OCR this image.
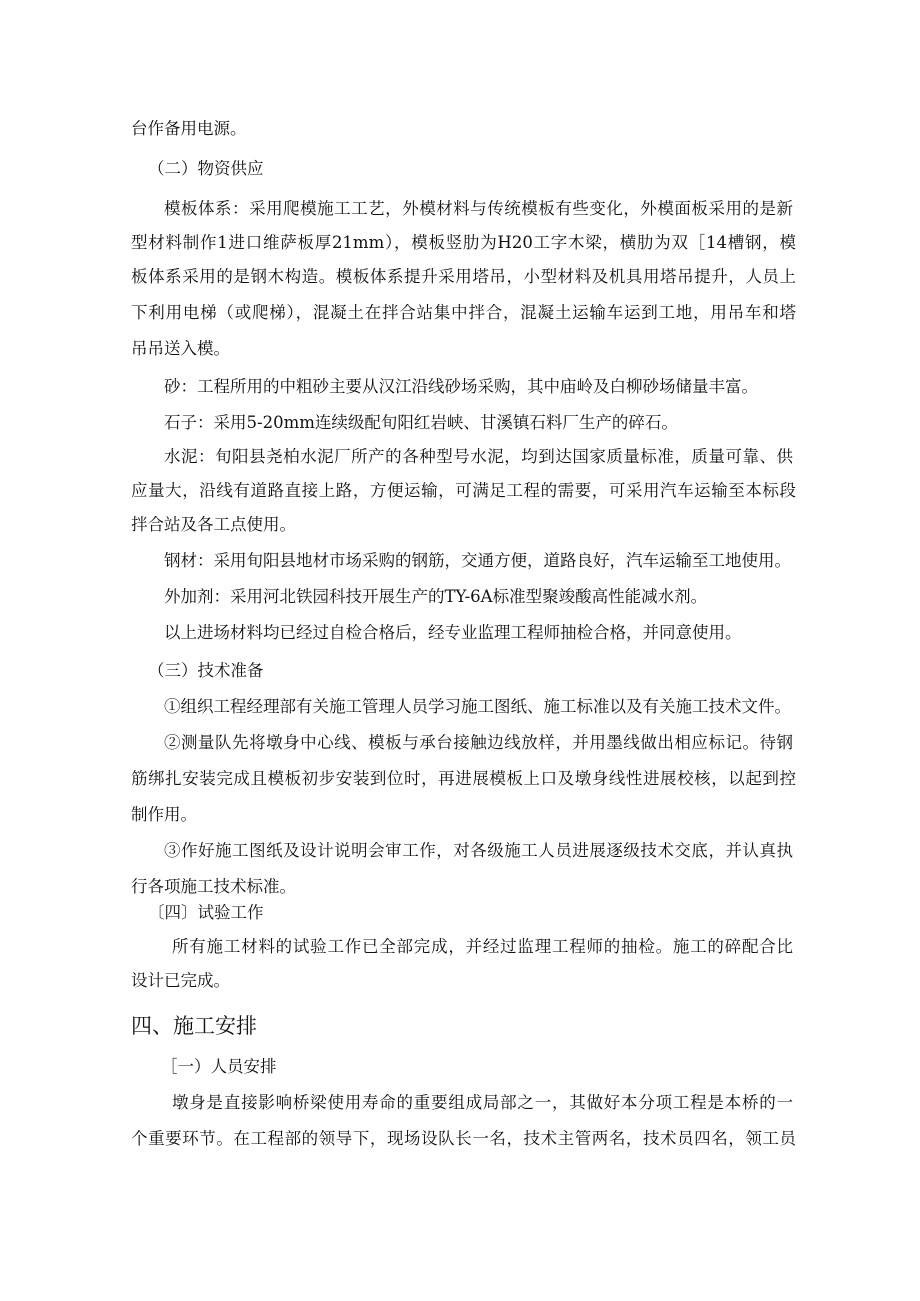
台作备用电源。
（二）物资供应
模板体系：采用爬模施工工艺，外模材料与传统模板有些变化，外模面板采用的是新
型材料制作1进口维萨板厚21mm），模板竖肋为H20工字木梁，横肋为双［14槽钢，模
板体系采用的是钢木构造。模板体系提升采用塔吊，小型材料及机具用塔吊提升，人员上
下利用电梯（或爬梯），混凝土在拌合站集中拌合，混凝土运输车运到工地，用吊车和塔
吊吊送入模。
砂：工程所用的中粗砂主要从汉江沿线砂场采购，其中庙岭及白柳砂场储量丰富。
石子：采用5-20mm连续级配旬阳红岩峡、甘溪镇石料厂生产的碎石。
水泥：旬阳县尧柏水泥厂所产的各种型号水泥，均到达国家质量标准，质量可靠、供
应量大，沿线有道路直接上路，方便运输，可满足工程的需要，可采用汽车运输至本标段
拌合站及各工点使用。
钢材：采用旬阳县地材市场采购的钢筋，交通方便，道路良好，汽车运输至工地使用。
外加剂：采用河北铁园科技开展生产的TY-6A标准型聚竣酸高性能减水剂。
以上进场材料均已经过自检合格后，经专业监理工程师抽检合格，并同意使用。
（三）技术准备
①组织工程经理部有关施工管理人员学习施工图纸、施工标准以及有关施工技术文件。
②测量队先将墩身中心线、模板与承台接触边线放样，并用墨线做出相应标记。待钢
筋绑扎安装完成且模板初步安装到位时，再进展模板上口及墩身线性进展校核，以起到控
制作用。
③作好施工图纸及设计说明会审工作，对各级施工人员进展逐级技术交底，并认真执
行各项施工技术标准。
〔四〕试验工作
所有施工材料的试验工作已全部完成，并经过监理工程师的抽检。施工的碎配合比
设计已完成。
四、施工安排
［一）人员安排
墩身是直接影响桥梁使用寿命的重要组成局部之一，其做好本分项工程是本桥的一
个重要环节。在工程部的领导下，现场设队长一名，技术主管两名，技术员四名，领工员
